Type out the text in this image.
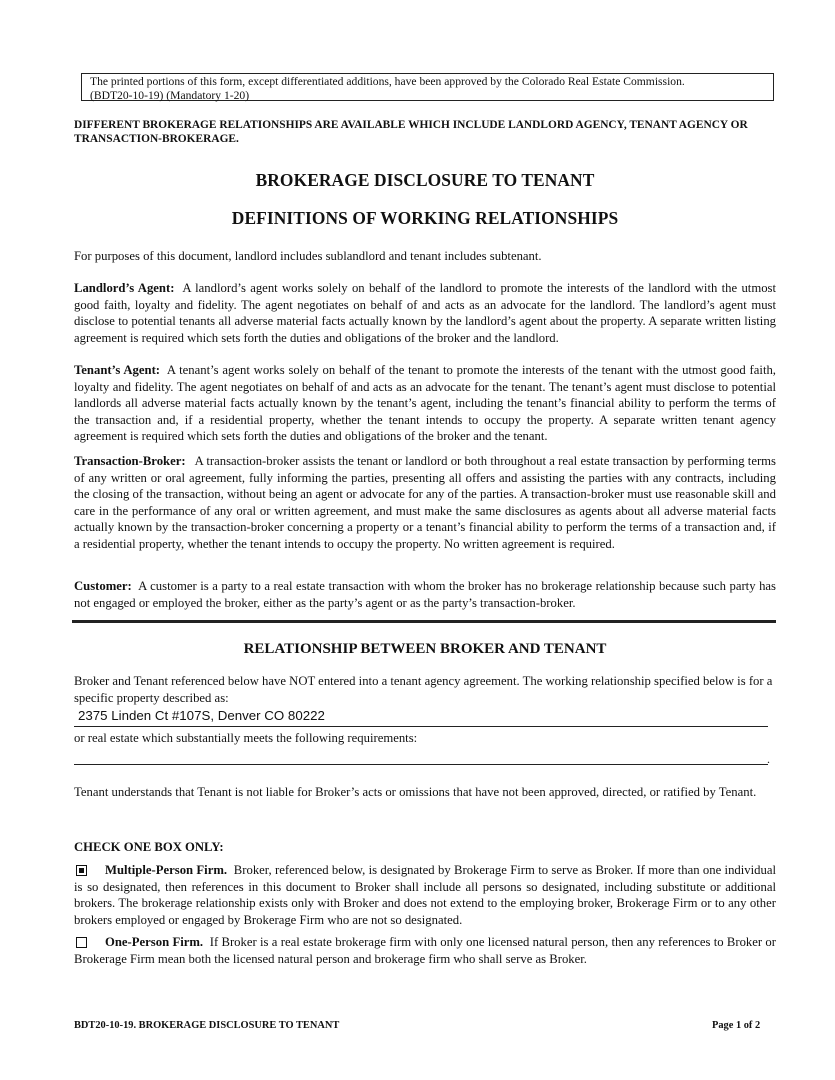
The printed portions of this form, except differentiated additions, have been approved by the Colorado Real Estate Commission.
(BDT20-10-19) (Mandatory 1-20)
DIFFERENT BROKERAGE RELATIONSHIPS ARE AVAILABLE WHICH INCLUDE LANDLORD AGENCY, TENANT AGENCY OR TRANSACTION-BROKERAGE.
BROKERAGE DISCLOSURE TO TENANT
DEFINITIONS OF WORKING RELATIONSHIPS
For purposes of this document, landlord includes sublandlord and tenant includes subtenant.
Landlord’s Agent: A landlord’s agent works solely on behalf of the landlord to promote the interests of the landlord with the utmost good faith, loyalty and fidelity. The agent negotiates on behalf of and acts as an advocate for the landlord. The landlord’s agent must disclose to potential tenants all adverse material facts actually known by the landlord’s agent about the property. A separate written listing agreement is required which sets forth the duties and obligations of the broker and the landlord.
Tenant’s Agent: A tenant’s agent works solely on behalf of the tenant to promote the interests of the tenant with the utmost good faith, loyalty and fidelity. The agent negotiates on behalf of and acts as an advocate for the tenant. The tenant’s agent must disclose to potential landlords all adverse material facts actually known by the tenant’s agent, including the tenant’s financial ability to perform the terms of the transaction and, if a residential property, whether the tenant intends to occupy the property. A separate written tenant agency agreement is required which sets forth the duties and obligations of the broker and the tenant.
Transaction-Broker: A transaction-broker assists the tenant or landlord or both throughout a real estate transaction by performing terms of any written or oral agreement, fully informing the parties, presenting all offers and assisting the parties with any contracts, including the closing of the transaction, without being an agent or advocate for any of the parties. A transaction-broker must use reasonable skill and care in the performance of any oral or written agreement, and must make the same disclosures as agents about all adverse material facts actually known by the transaction-broker concerning a property or a tenant’s financial ability to perform the terms of a transaction and, if a residential property, whether the tenant intends to occupy the property. No written agreement is required.
Customer: A customer is a party to a real estate transaction with whom the broker has no brokerage relationship because such party has not engaged or employed the broker, either as the party’s agent or as the party’s transaction-broker.
RELATIONSHIP BETWEEN BROKER AND TENANT
Broker and Tenant referenced below have NOT entered into a tenant agency agreement. The working relationship specified below is for a specific property described as:
2375 Linden Ct #107S, Denver CO 80222
or real estate which substantially meets the following requirements:
.
Tenant understands that Tenant is not liable for Broker’s acts or omissions that have not been approved, directed, or ratified by Tenant.
CHECK ONE BOX ONLY:
Multiple-Person Firm. Broker, referenced below, is designated by Brokerage Firm to serve as Broker. If more than one individual is so designated, then references in this document to Broker shall include all persons so designated, including substitute or additional brokers. The brokerage relationship exists only with Broker and does not extend to the employing broker, Brokerage Firm or to any other brokers employed or engaged by Brokerage Firm who are not so designated.
One-Person Firm. If Broker is a real estate brokerage firm with only one licensed natural person, then any references to Broker or Brokerage Firm mean both the licensed natural person and brokerage firm who shall serve as Broker.
BDT20-10-19. BROKERAGE DISCLOSURE TO TENANT	Page 1 of 2
